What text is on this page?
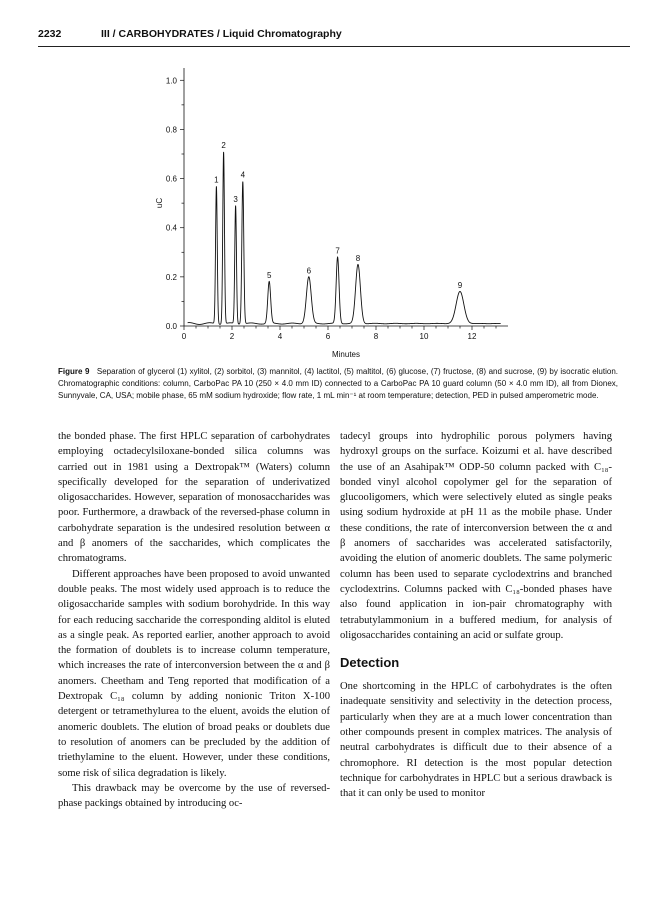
2232	III / CARBOHYDRATES / Liquid Chromatography
0	2	4	6	8	10	12
0.0
0.2
0.4
0.6
0.8
1.0
1
2
3
4
5
6
7
8
9
uC
Minutes
Figure 9 Separation of glycerol (1) xylitol, (2) sorbitol, (3) mannitol, (4) lactitol, (5) maltitol, (6) glucose, (7) fructose, (8) and sucrose, (9) by isocratic elution. Chromatographic conditions: column, CarboPac PA 10 (250 × 4.0 mm ID) connected to a CarboPac PA 10 guard column (50 × 4.0 mm ID), all from Dionex, Sunnyvale, CA, USA; mobile phase, 65 mM sodium hydroxide; flow rate, 1 mL min⁻¹ at room temperature; detection, PED in pulsed amperometric mode.

the bonded phase. The first HPLC separation of carbohydrates employing octadecylsiloxane-bonded silica columns was carried out in 1981 using a Dextropak™ (Waters) column specifically developed for the separation of underivatized oligosaccharides. However, separation of monosaccharides was poor. Furthermore, a drawback of the reversed-phase column in carbohydrate separation is the undesired resolution between α and β anomers of the saccharides, which complicates the chromatograms.

Different approaches have been proposed to avoid unwanted double peaks. The most widely used approach is to reduce the oligosaccharide samples with sodium borohydride. In this way for each reducing saccharide the corresponding alditol is eluted as a single peak. As reported earlier, another approach to avoid the formation of doublets is to increase column temperature, which increases the rate of interconversion between the α and β anomers. Cheetham and Teng reported that modification of a Dextropak C₁₈ column by adding nonionic Triton X-100 detergent or tetramethylurea to the eluent, avoids the elution of anomeric doublets. The elution of broad peaks or doublets due to resolution of anomers can be precluded by the addition of triethylamine to the eluent. However, under these conditions, some risk of silica degradation is likely.

This drawback may be overcome by the use of reversed-phase packings obtained by introducing oc-

tadecyl groups into hydrophilic porous polymers having hydroxyl groups on the surface. Koizumi et al. have described the use of an Asahipak™ ODP-50 column packed with C₁₈-bonded vinyl alcohol copolymer gel for the separation of glucooligomers, which were selectively eluted as single peaks using sodium hydroxide at pH 11 as the mobile phase. Under these conditions, the rate of interconversion between the α and β anomers of saccharides was accelerated satisfactorily, avoiding the elution of anomeric doublets. The same polymeric column has been used to separate cyclodextrins and branched cyclodextrins. Columns packed with C₁₈-bonded phases have also found application in ion-pair chromatography with tetrabutylammonium in a buffered medium, for analysis of oligosaccharides containing an acid or sulfate group.

Detection

One shortcoming in the HPLC of carbohydrates is the often inadequate sensitivity and selectivity in the detection process, particularly when they are at a much lower concentration than other compounds present in complex matrices. The analysis of neutral carbohydrates is difficult due to their absence of a chromophore. RI detection is the most popular detection technique for carbohydrates in HPLC but a serious drawback is that it can only be used to monitor
